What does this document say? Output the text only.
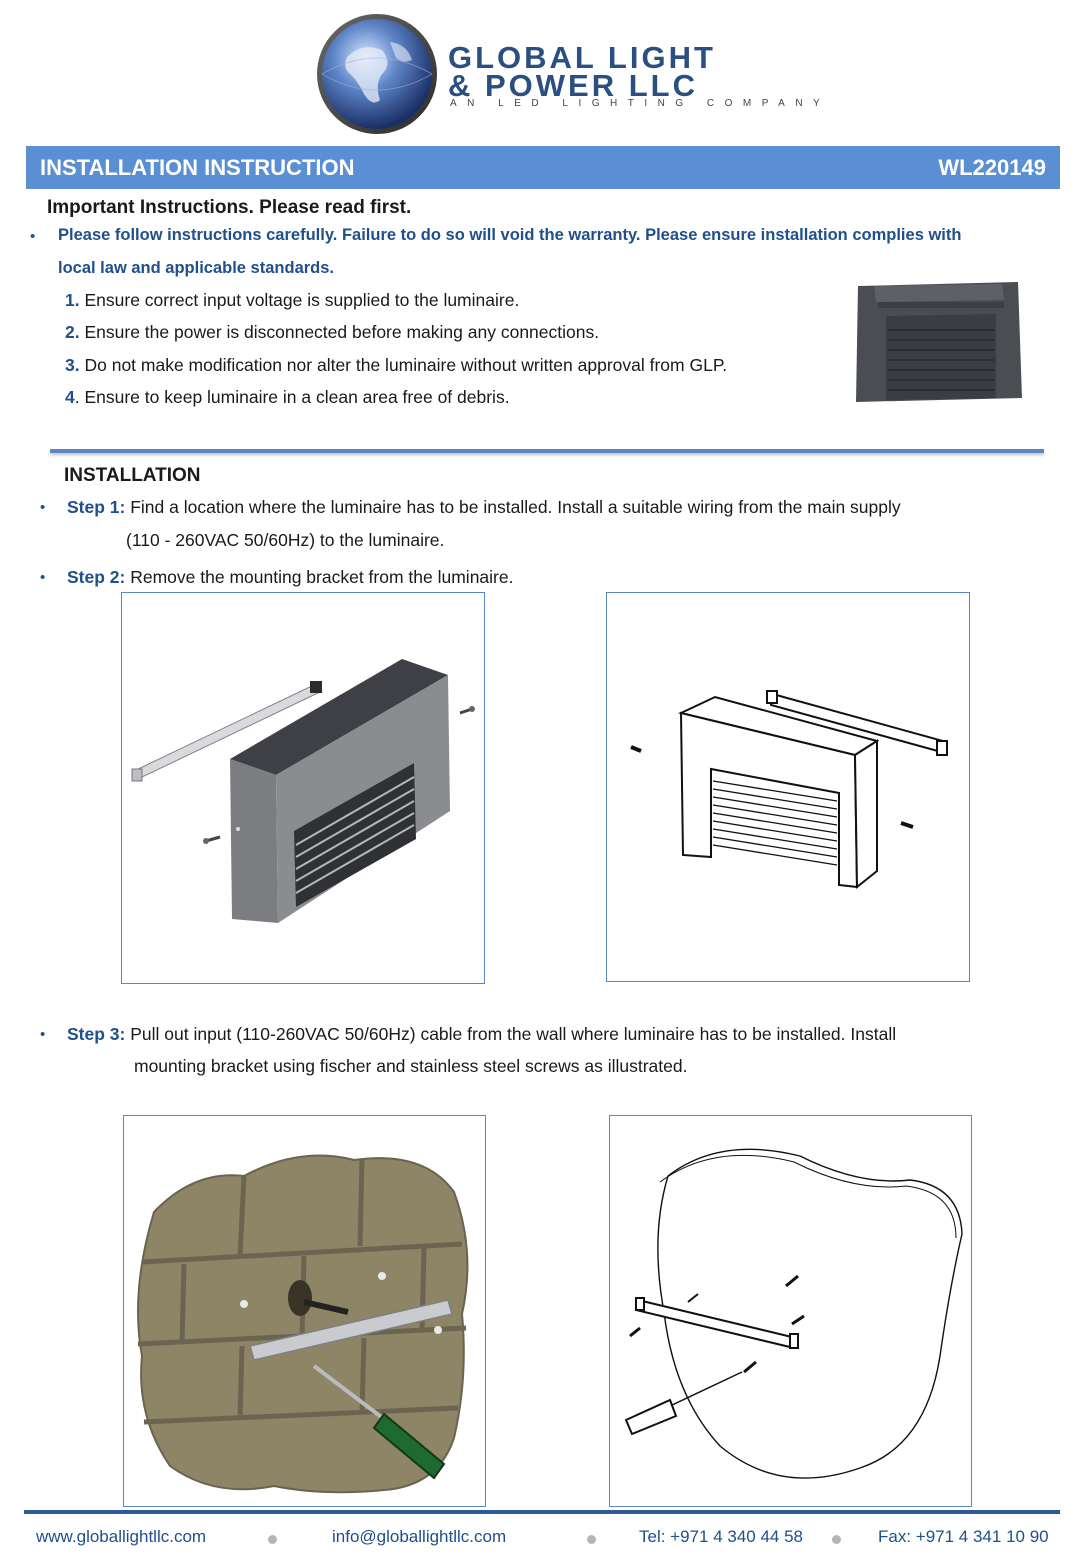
GLOBAL LIGHT
& POWER LLC
AN LED LIGHTING COMPANY
INSTALLATION INSTRUCTION	WL220149
Important Instructions. Please read first.
• Please follow instructions carefully. Failure to do so will void the warranty. Please ensure installation complies with
local law and applicable standards.
1. Ensure correct input voltage is supplied to the luminaire.
2. Ensure the power is disconnected before making any connections.
3. Do not make modification nor alter the luminaire without written approval from GLP.
4. Ensure to keep luminaire in a clean area free of debris.
INSTALLATION
• Step 1: Find a location where the luminaire has to be installed. Install a suitable wiring from the main supply
(110 - 260VAC 50/60Hz) to the luminaire.
• Step 2: Remove the mounting bracket from the luminaire.
• Step 3: Pull out input (110-260VAC 50/60Hz) cable from the wall where luminaire has to be installed. Install
mounting bracket using fischer and stainless steel screws as illustrated.
www.globallightllc.com	info@globallightllc.com	Tel: +971 4 340 44 58	Fax: +971 4 341 10 90
